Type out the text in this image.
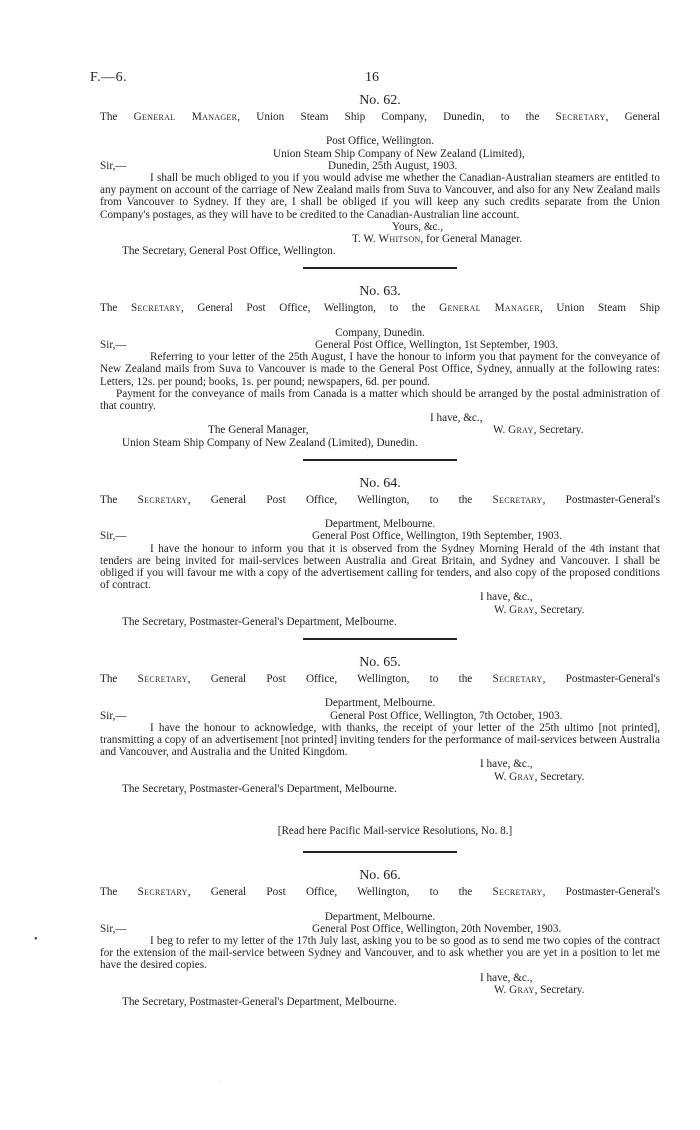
F.—6.	16

No. 62.

The General Manager, Union Steam Ship Company, Dunedin, to the Secretary, General

Post Office, Wellington.

Union Steam Ship Company of New Zealand (Limited),

Sir,—	Dunedin, 25th August, 1903.

I shall be much obliged to you if you would advise me whether the Canadian-Australian steamers are entitled to any payment on account of the carriage of New Zealand mails from Suva to Vancouver, and also for any New Zealand mails from Vancouver to Sydney. If they are, I shall be obliged if you will keep any such credits separate from the Union Company's postages, as they will have to be credited to the Canadian-Australian line account.

Yours, &c.,

T. W. Whitson, for General Manager.

The Secretary, General Post Office, Wellington.

No. 63.

The Secretary, General Post Office, Wellington, to the General Manager, Union Steam Ship

Company, Dunedin.

Sir,—	General Post Office, Wellington, 1st September, 1903.

Referring to your letter of the 25th August, I have the honour to inform you that payment for the conveyance of New Zealand mails from Suva to Vancouver is made to the General Post Office, Sydney, annually at the following rates: Letters, 12s. per pound; books, 1s. per pound; newspapers, 6d. per pound.

Payment for the conveyance of mails from Canada is a matter which should be arranged by the postal administration of that country.

I have, &c.,

The General Manager,	W. Gray, Secretary.

Union Steam Ship Company of New Zealand (Limited), Dunedin.

No. 64.

The Secretary, General Post Office, Wellington, to the Secretary, Postmaster-General's

Department, Melbourne.

Sir,—	General Post Office, Wellington, 19th September, 1903.

I have the honour to inform you that it is observed from the Sydney Morning Herald of the 4th instant that tenders are being invited for mail-services between Australia and Great Britain, and Sydney and Vancouver. I shall be obliged if you will favour me with a copy of the advertisement calling for tenders, and also copy of the proposed conditions of contract.

I have, &c.,

W. Gray, Secretary.

The Secretary, Postmaster-General's Department, Melbourne.

No. 65.

The Secretary, General Post Office, Wellington, to the Secretary, Postmaster-General's

Department, Melbourne.

Sir,—	General Post Office, Wellington, 7th October, 1903.

I have the honour to acknowledge, with thanks, the receipt of your letter of the 25th ultimo [not printed], transmitting a copy of an advertisement [not printed] inviting tenders for the performance of mail-services between Australia and Vancouver, and Australia and the United Kingdom.

I have, &c.,

W. Gray, Secretary.

The Secretary, Postmaster-General's Department, Melbourne.

[Read here Pacific Mail-service Resolutions, No. 8.]

No. 66.

The Secretary, General Post Office, Wellington, to the Secretary, Postmaster-General's

Department, Melbourne.

Sir,—	General Post Office, Wellington, 20th November, 1903.

I beg to refer to my letter of the 17th July last, asking you to be so good as to send me two copies of the contract for the extension of the mail-service between Sydney and Vancouver, and to ask whether you are yet in a position to let me have the desired copies.

I have, &c.,

W. Gray, Secretary.

The Secretary, Postmaster-General's Department, Melbourne.

•
.
